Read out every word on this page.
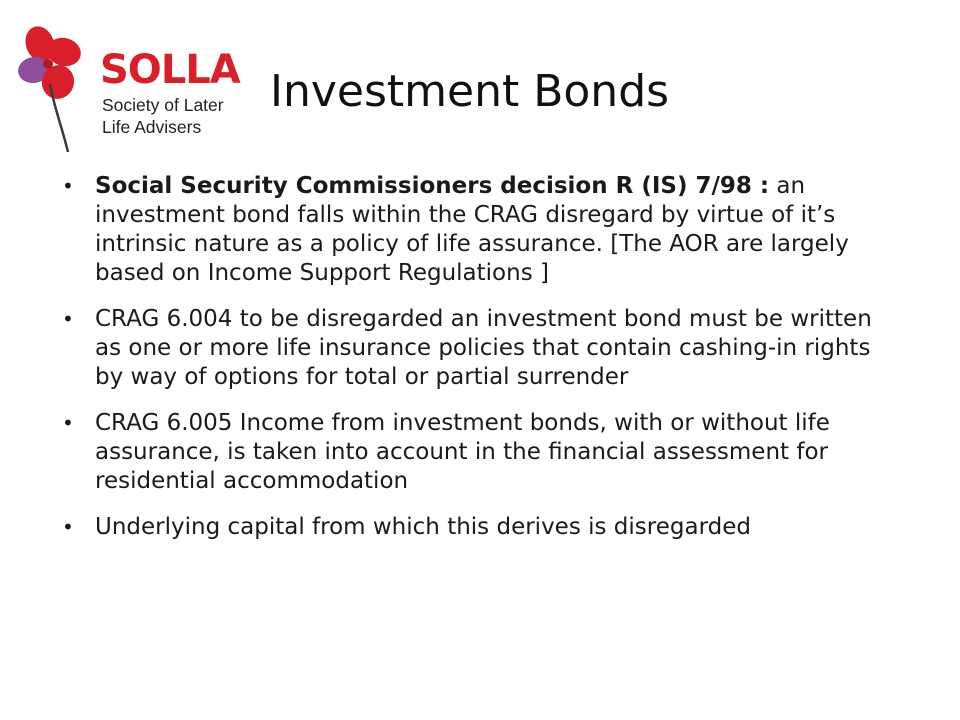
SOLLA
Society of Later
Life Advisers
Investment Bonds
• Social Security Commissioners decision R (IS) 7/98 : an investment bond falls within the CRAG disregard by virtue of it’s intrinsic nature as a policy of life assurance. [The AOR are largely based on Income Support Regulations ]
• CRAG 6.004 to be disregarded an investment bond must be written as one or more life insurance policies that contain cashing-in rights by way of options for total or partial surrender
• CRAG 6.005 Income from investment bonds, with or without life assurance, is taken into account in the financial assessment for residential accommodation
• Underlying capital from which this derives is disregarded
